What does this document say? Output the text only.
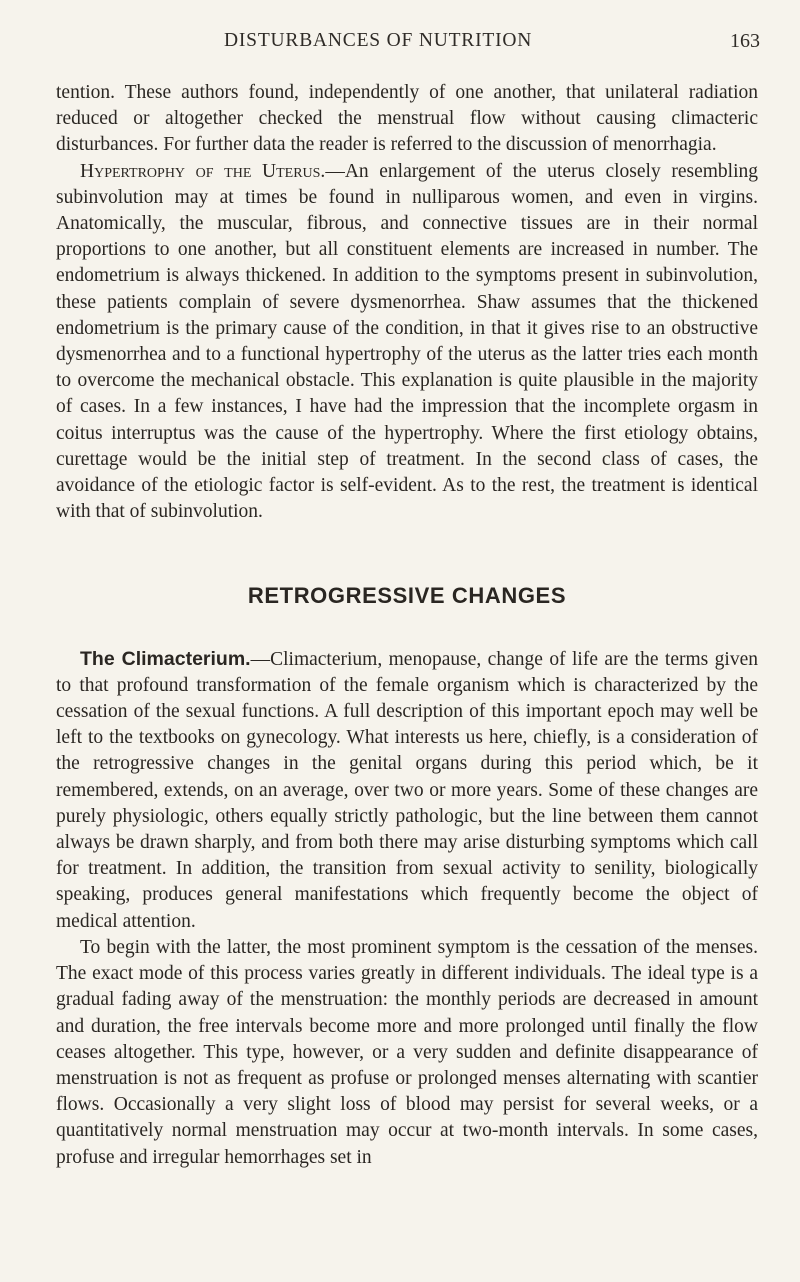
DISTURBANCES OF NUTRITION	163

tention. These authors found, independently of one another, that unilateral radiation reduced or altogether checked the menstrual flow without causing climacteric disturbances. For further data the reader is referred to the discussion of menorrhagia.

Hypertrophy of the Uterus.—An enlargement of the uterus closely resembling subinvolution may at times be found in nulliparous women, and even in virgins. Anatomically, the muscular, fibrous, and connective tissues are in their normal proportions to one another, but all constituent elements are increased in number. The endometrium is always thickened. In addition to the symptoms present in subinvolution, these patients complain of severe dysmenorrhea. Shaw assumes that the thickened endometrium is the primary cause of the condition, in that it gives rise to an obstructive dysmenorrhea and to a functional hypertrophy of the uterus as the latter tries each month to overcome the mechanical obstacle. This explanation is quite plausible in the majority of cases. In a few instances, I have had the impression that the incomplete orgasm in coitus interruptus was the cause of the hypertrophy. Where the first etiology obtains, curettage would be the initial step of treatment. In the second class of cases, the avoidance of the etiologic factor is self-evident. As to the rest, the treatment is identical with that of subinvolution.

RETROGRESSIVE CHANGES

The Climacterium.—Climacterium, menopause, change of life are the terms given to that profound transformation of the female organism which is characterized by the cessation of the sexual functions. A full description of this important epoch may well be left to the textbooks on gynecology. What interests us here, chiefly, is a consideration of the retrogressive changes in the genital organs during this period which, be it remembered, extends, on an average, over two or more years. Some of these changes are purely physiologic, others equally strictly pathologic, but the line between them cannot always be drawn sharply, and from both there may arise disturbing symptoms which call for treatment. In addition, the transition from sexual activity to senility, biologically speaking, produces general manifestations which frequently become the object of medical attention.

To begin with the latter, the most prominent symptom is the cessation of the menses. The exact mode of this process varies greatly in different individuals. The ideal type is a gradual fading away of the menstruation: the monthly periods are decreased in amount and duration, the free intervals become more and more prolonged until finally the flow ceases altogether. This type, however, or a very sudden and definite disappearance of menstruation is not as frequent as profuse or prolonged menses alternating with scantier flows. Occasionally a very slight loss of blood may persist for several weeks, or a quantitatively normal menstruation may occur at two-month intervals. In some cases, profuse and irregular hemorrhages set in
